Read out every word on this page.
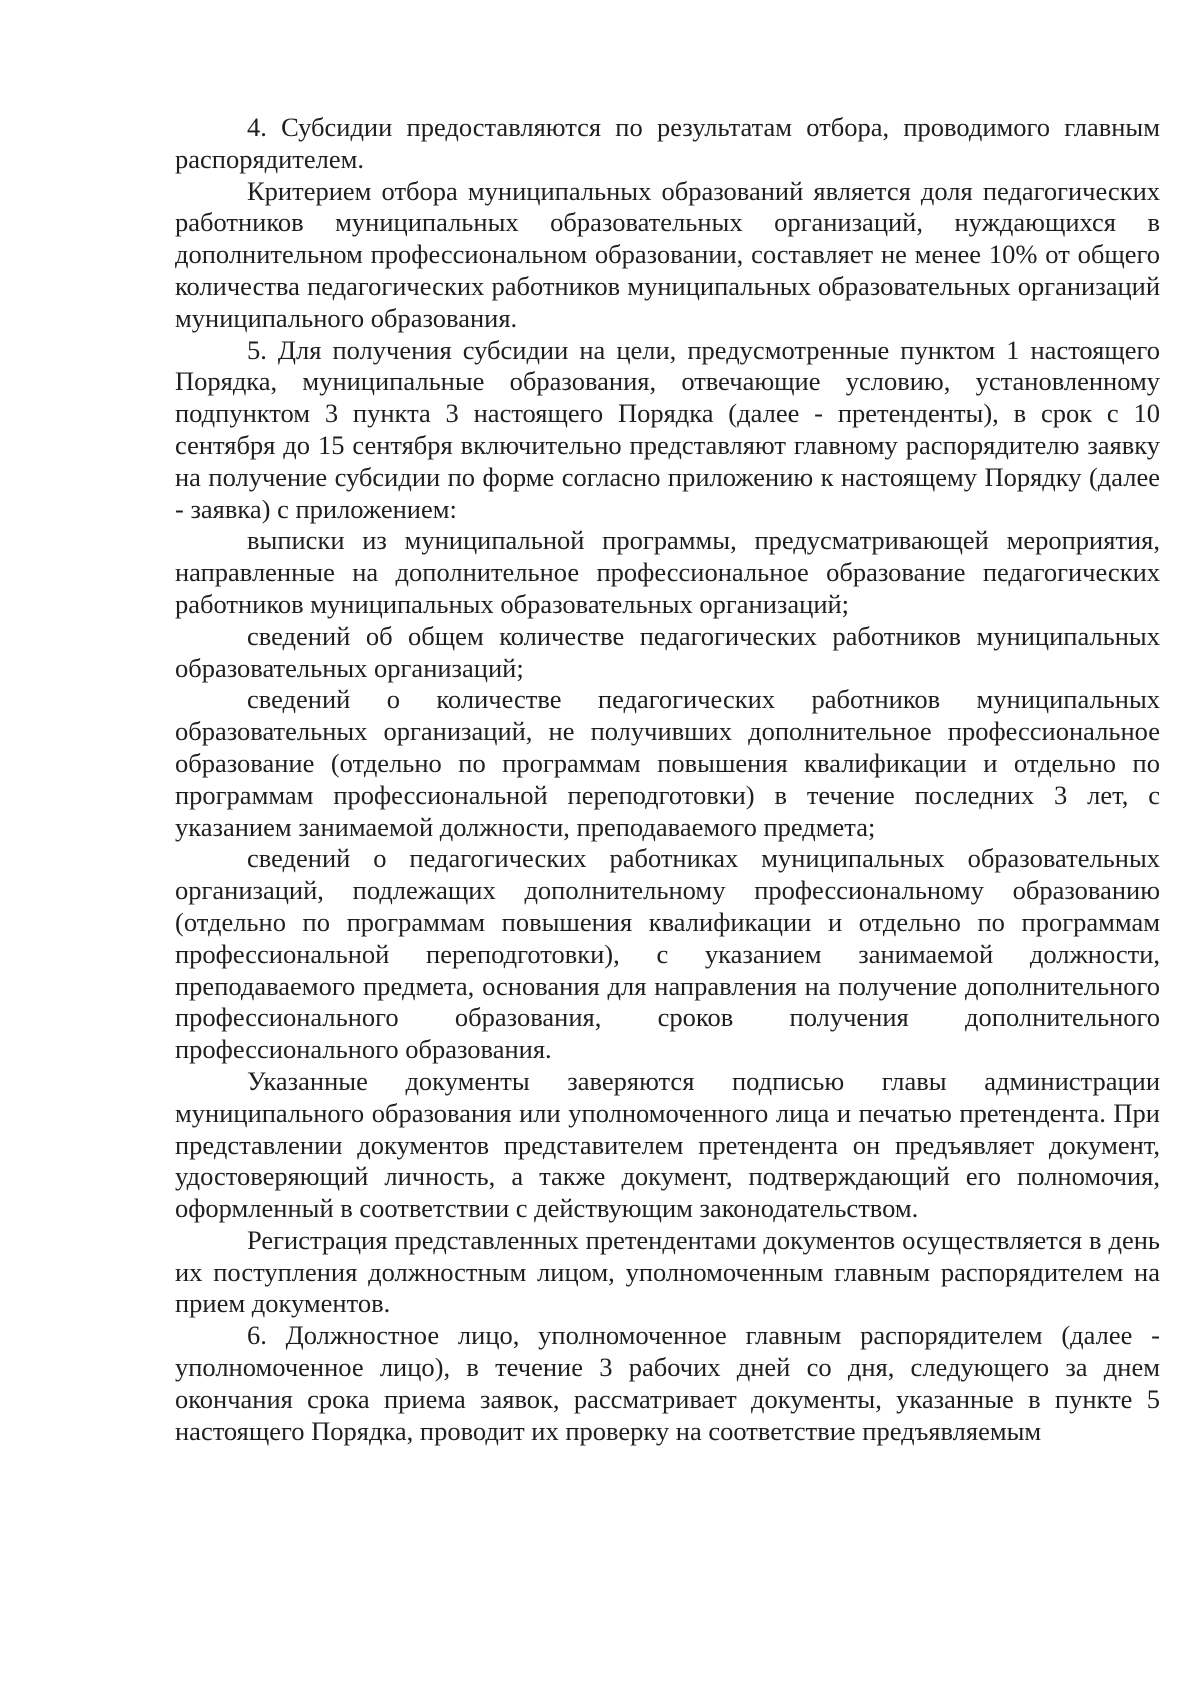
4. Субсидии предоставляются по результатам отбора, проводимого главным распорядителем.

Критерием отбора муниципальных образований является доля педагогических работников муниципальных образовательных организаций, нуждающихся в дополнительном профессиональном образовании, составляет не менее 10% от общего количества педагогических работников муниципальных образовательных организаций муниципального образования.

5. Для получения субсидии на цели, предусмотренные пунктом 1 настоящего Порядка, муниципальные образования, отвечающие условию, установленному подпунктом 3 пункта 3 настоящего Порядка (далее - претенденты), в срок с 10 сентября до 15 сентября включительно представляют главному распорядителю заявку на получение субсидии по форме согласно приложению к настоящему Порядку (далее - заявка) с приложением:

выписки из муниципальной программы, предусматривающей мероприятия, направленные на дополнительное профессиональное образование педагогических работников муниципальных образовательных организаций;

сведений об общем количестве педагогических работников муниципальных образовательных организаций;

сведений о количестве педагогических работников муниципальных образовательных организаций, не получивших дополнительное профессиональное образование (отдельно по программам повышения квалификации и отдельно по программам профессиональной переподготовки) в течение последних 3 лет, с указанием занимаемой должности, преподаваемого предмета;

сведений о педагогических работниках муниципальных образовательных организаций, подлежащих дополнительному профессиональному образованию (отдельно по программам повышения квалификации и отдельно по программам профессиональной переподготовки), с указанием занимаемой должности, преподаваемого предмета, основания для направления на получение дополнительного профессионального образования, сроков получения дополнительного профессионального образования.

Указанные документы заверяются подписью главы администрации муниципального образования или уполномоченного лица и печатью претендента. При представлении документов представителем претендента он предъявляет документ, удостоверяющий личность, а также документ, подтверждающий его полномочия, оформленный в соответствии с действующим законодательством.

Регистрация представленных претендентами документов осуществляется в день их поступления должностным лицом, уполномоченным главным распорядителем на прием документов.

6. Должностное лицо, уполномоченное главным распорядителем (далее - уполномоченное лицо), в течение 3 рабочих дней со дня, следующего за днем окончания срока приема заявок, рассматривает документы, указанные в пункте 5 настоящего Порядка, проводит их проверку на соответствие предъявляемым
